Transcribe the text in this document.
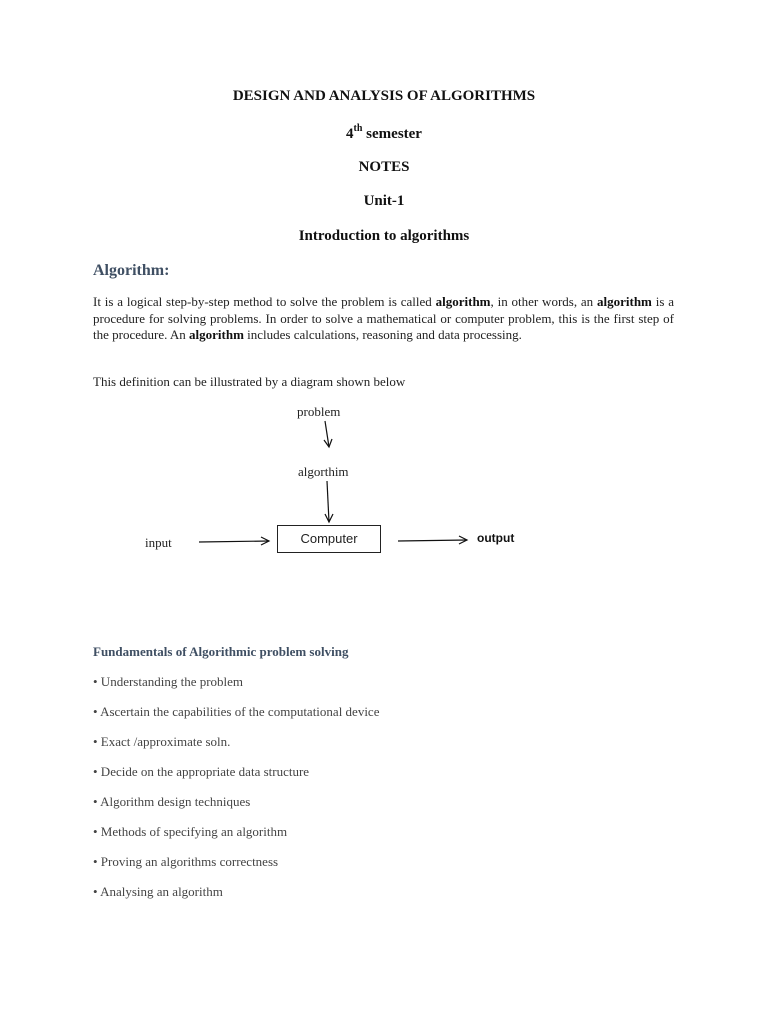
DESIGN AND ANALYSIS OF ALGORITHMS
4th semester
NOTES
Unit-1
Introduction to algorithms
Algorithm:
It is a logical step-by-step method to solve the problem is called algorithm, in other words, an algorithm is a procedure for solving problems. In order to solve a mathematical or computer problem, this is the first step of the procedure. An algorithm includes calculations, reasoning and data processing.
This definition can be illustrated by a diagram shown below
problem
algorthim
input	Computer	output
Fundamentals of Algorithmic problem solving
• Understanding the problem
• Ascertain the capabilities of the computational device
• Exact /approximate soln.
• Decide on the appropriate data structure
• Algorithm design techniques
• Methods of specifying an algorithm
• Proving an algorithms correctness
• Analysing an algorithm
